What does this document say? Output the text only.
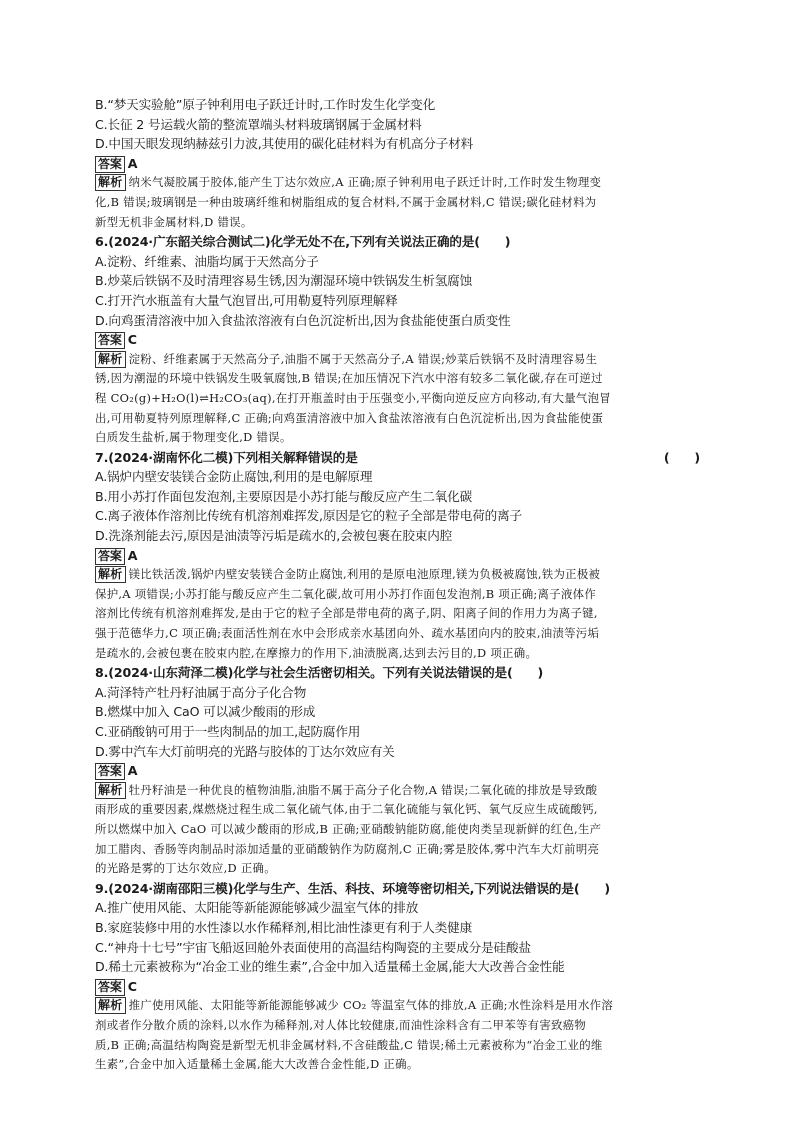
B.“梦天实验舱”原子钟利用电子跃迁计时,工作时发生化学变化
C.长征 2 号运载火箭的整流罩端头材料玻璃钢属于金属材料
D.中国天眼发现纳赫兹引力波,其使用的碳化硅材料为有机高分子材料
答案 A
解析 纳米气凝胶属于胶体,能产生丁达尔效应,A 正确;原子钟利用电子跃迁计时,工作时发生物理变
化,B 错误;玻璃钢是一种由玻璃纤维和树脂组成的复合材料,不属于金属材料,C 错误;碳化硅材料为
新型无机非金属材料,D 错误。
6.(2024·广东韶关综合测试二)化学无处不在,下列有关说法正确的是(　　)
A.淀粉、纤维素、油脂均属于天然高分子
B.炒菜后铁锅不及时清理容易生锈,因为潮湿环境中铁锅发生析氢腐蚀
C.打开汽水瓶盖有大量气泡冒出,可用勒夏特列原理解释
D.向鸡蛋清溶液中加入食盐浓溶液有白色沉淀析出,因为食盐能使蛋白质变性
答案 C
解析 淀粉、纤维素属于天然高分子,油脂不属于天然高分子,A 错误;炒菜后铁锅不及时清理容易生
锈,因为潮湿的环境中铁锅发生吸氧腐蚀,B 错误;在加压情况下汽水中溶有较多二氧化碳,存在可逆过
程 CO₂(g)+H₂O(l)⇌H₂CO₃(aq),在打开瓶盖时由于压强变小,平衡向逆反应方向移动,有大量气泡冒
出,可用勒夏特列原理解释,C 正确;向鸡蛋清溶液中加入食盐浓溶液有白色沉淀析出,因为食盐能使蛋
白质发生盐析,属于物理变化,D 错误。
7.(2024·湖南怀化二模)下列相关解释错误的是	(　　)
A.锅炉内壁安装镁合金防止腐蚀,利用的是电解原理
B.用小苏打作面包发泡剂,主要原因是小苏打能与酸反应产生二氧化碳
C.离子液体作溶剂比传统有机溶剂难挥发,原因是它的粒子全部是带电荷的离子
D.洗涤剂能去污,原因是油渍等污垢是疏水的,会被包裹在胶束内腔
答案 A
解析 镁比铁活泼,锅炉内壁安装镁合金防止腐蚀,利用的是原电池原理,镁为负极被腐蚀,铁为正极被
保护,A 项错误;小苏打能与酸反应产生二氧化碳,故可用小苏打作面包发泡剂,B 项正确;离子液体作
溶剂比传统有机溶剂难挥发,是由于它的粒子全部是带电荷的离子,阴、阳离子间的作用力为离子键,
强于范德华力,C 项正确;表面活性剂在水中会形成亲水基团向外、疏水基团向内的胶束,油渍等污垢
是疏水的,会被包裹在胶束内腔,在摩擦力的作用下,油渍脱离,达到去污目的,D 项正确。
8.(2024·山东菏泽二模)化学与社会生活密切相关。下列有关说法错误的是(　　)
A.菏泽特产牡丹籽油属于高分子化合物
B.燃煤中加入 CaO 可以减少酸雨的形成
C.亚硝酸钠可用于一些肉制品的加工,起防腐作用
D.雾中汽车大灯前明亮的光路与胶体的丁达尔效应有关
答案 A
解析 牡丹籽油是一种优良的植物油脂,油脂不属于高分子化合物,A 错误;二氧化硫的排放是导致酸
雨形成的重要因素,煤燃烧过程生成二氧化硫气体,由于二氧化硫能与氧化钙、氧气反应生成硫酸钙,
所以燃煤中加入 CaO 可以减少酸雨的形成,B 正确;亚硝酸钠能防腐,能使肉类呈现新鲜的红色,生产
加工腊肉、香肠等肉制品时添加适量的亚硝酸钠作为防腐剂,C 正确;雾是胶体,雾中汽车大灯前明亮
的光路是雾的丁达尔效应,D 正确。
9.(2024·湖南邵阳三模)化学与生产、生活、科技、环境等密切相关,下列说法错误的是(　　)
A.推广使用风能、太阳能等新能源能够减少温室气体的排放
B.家庭装修中用的水性漆以水作稀释剂,相比油性漆更有利于人类健康
C.“神舟十七号”宇宙飞船返回舱外表面使用的高温结构陶瓷的主要成分是硅酸盐
D.稀土元素被称为“冶金工业的维生素”,合金中加入适量稀土金属,能大大改善合金性能
答案 C
解析 推广使用风能、太阳能等新能源能够减少 CO₂ 等温室气体的排放,A 正确;水性涂料是用水作溶
剂或者作分散介质的涂料,以水作为稀释剂,对人体比较健康,而油性涂料含有二甲苯等有害致癌物
质,B 正确;高温结构陶瓷是新型无机非金属材料,不含硅酸盐,C 错误;稀土元素被称为“冶金工业的维
生素”,合金中加入适量稀土金属,能大大改善合金性能,D 正确。
